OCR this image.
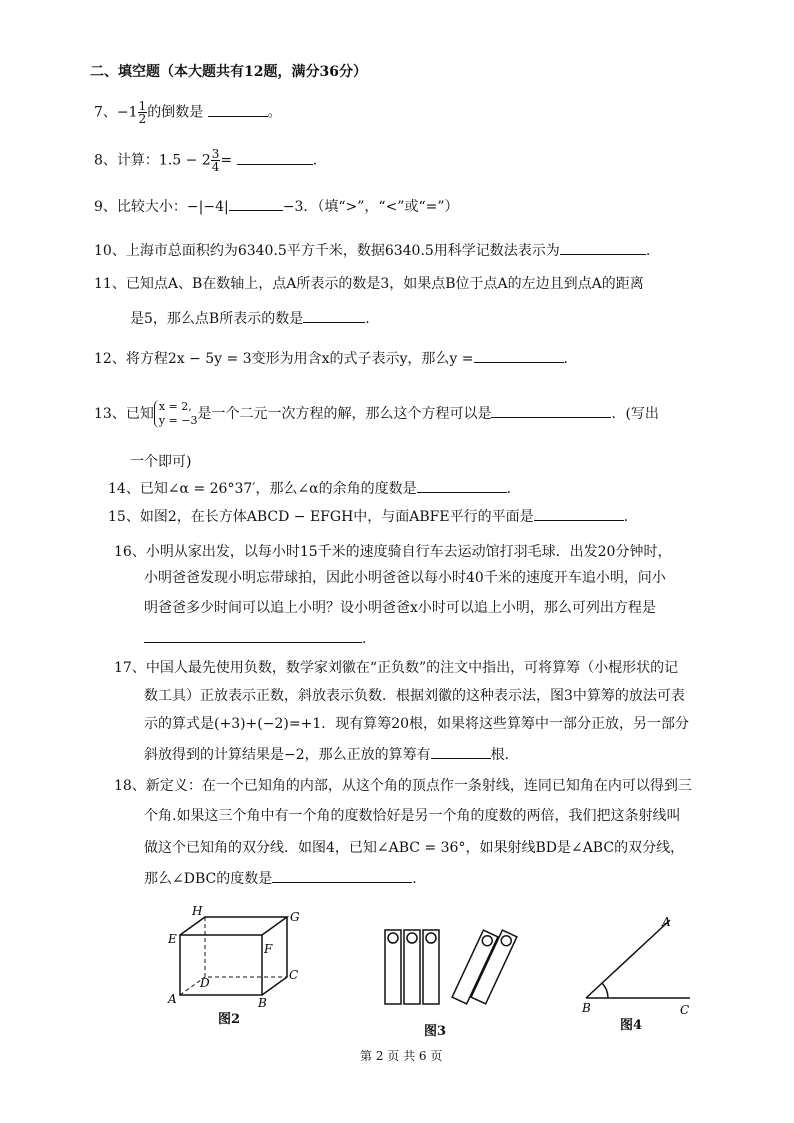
二、填空题（本大题共有12题，满分36分）
7、$-1 \frac{1}{2}$ 的倒数是	。
8、计算：$1.5 - 2 \frac{3}{4}$ =	.
9、比较大小：−|−4|	−3．（填“>”，“<”或“=”）
10、上海市总面积约为6340.5平方千米，数据6340.5用科学记数法表示为	.
11、已知点A、B在数轴上，点A所表示的数是3，如果点B位于点A的左边且到点A的距离
是5，那么点B所表示的数是	.
12、将方程2x − 5y = 3变形为用含x的式子表示y，那么y =	.
13、已知 x = 2,
y = −3 是一个二元一次方程的解，那么这个方程可以是	．(写出
一个即可)
14、已知∠α = 26°37′，那么∠α的余角的度数是	.
15、如图2，在长方体ABCD − EFGH中，与面ABFE平行的平面是	.
16、小明从家出发，以每小时15千米的速度骑自行车去运动馆打羽毛球．出发20分钟时，
小明爸爸发现小明忘带球拍，因此小明爸爸以每小时40千米的速度开车追小明，问小
明爸爸多少时间可以追上小明？设小明爸爸x小时可以追上小明，那么可列出方程是
.
17、中国人最先使用负数，数学家刘徽在“正负数”的注文中指出，可将算筹（小棍形状的记
数工具）正放表示正数，斜放表示负数．根据刘徽的这种表示法，图3中算筹的放法可表
示的算式是(+3)+(−2)=+1．现有算筹20根，如果将这些算筹中一部分正放，另一部分
斜放得到的计算结果是−2，那么正放的算筹有	根.
18、新定义：在一个已知角的内部，从这个角的顶点作一条射线，连同已知角在内可以得到三
个角.如果这三个角中有一个角的度数恰好是另一个角的度数的两倍，我们把这条射线叫
做这个已知角的双分线．如图4，已知∠ABC = 36°，如果射线BD是∠ABC的双分线，
那么∠DBC的度数是	.
H	G
E
F
D
C
A	B
图2
图3
A
B	C
图4
第 2 页 共 6 页
